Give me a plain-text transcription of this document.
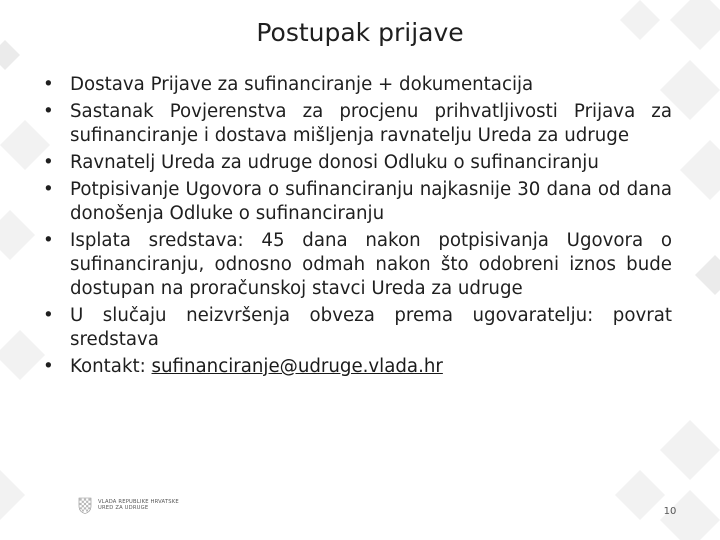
Postupak prijave
• Dostava Prijave za sufinanciranje + dokumentacija
• Sastanak Povjerenstva za procjenu prihvatljivosti Prijava za sufinanciranje i dostava mišljenja ravnatelju Ureda za udruge
• Ravnatelj Ureda za udruge donosi Odluku o sufinanciranju
• Potpisivanje Ugovora o sufinanciranju najkasnije 30 dana od dana donošenja Odluke o sufinanciranju
• Isplata sredstava: 45 dana nakon potpisivanja Ugovora o sufinanciranju, odnosno odmah nakon što odobreni iznos bude dostupan na proračunskoj stavci Ureda za udruge
• U slučaju neizvršenja obveza prema ugovaratelju: povrat sredstava
• Kontakt: sufinanciranje@udruge.vlada.hr
VLADA REPUBLIKE HRVATSKE
URED ZA UDRUGE	10
